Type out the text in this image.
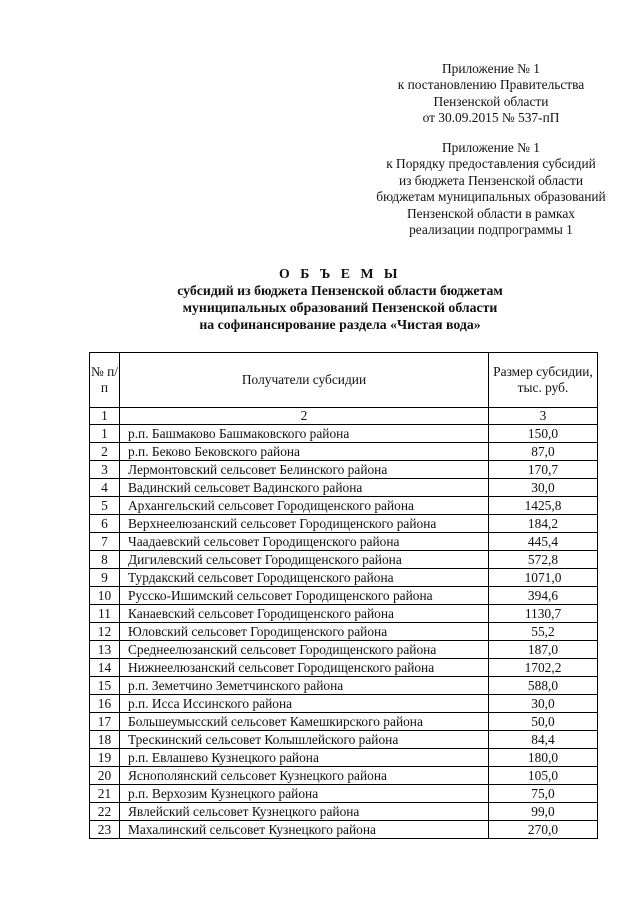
Приложение № 1
к постановлению Правительства
Пензенской области
от 30.09.2015 № 537-пП
Приложение № 1
к Порядку предоставления субсидий
из бюджета Пензенской области
бюджетам муниципальных образований
Пензенской области в рамках
реализации подпрограммы 1
О Б Ъ Е М Ы
субсидий из бюджета Пензенской области бюджетам
муниципальных образований Пензенской области
на софинансирование раздела «Чистая вода»
№ п/п	Получатели субсидии	Размер субсидии, тыс. руб.
1	2	3
1	р.п. Башмаково Башмаковского района	150,0
2	р.п. Беково Бековского района	87,0
3	Лермонтовский сельсовет Белинского района	170,7
4	Вадинский сельсовет Вадинского района	30,0
5	Архангельский сельсовет Городищенского района	1425,8
6	Верхнеелюзанский сельсовет Городищенского района	184,2
7	Чаадаевский сельсовет Городищенского района	445,4
8	Дигилевский сельсовет Городищенского района	572,8
9	Турдакский сельсовет Городищенского района	1071,0
10	Русско-Ишимский сельсовет Городищенского района	394,6
11	Канаевский сельсовет Городищенского района	1130,7
12	Юловский сельсовет Городищенского района	55,2
13	Среднеелюзанский сельсовет Городищенского района	187,0
14	Нижнеелюзанский сельсовет Городищенского района	1702,2
15	р.п. Земетчино Земетчинского района	588,0
16	р.п. Исса Иссинского района	30,0
17	Большеумысский сельсовет Камешкирского района	50,0
18	Трескинский сельсовет Колышлейского района	84,4
19	р.п. Евлашево Кузнецкого района	180,0
20	Яснополянский сельсовет Кузнецкого района	105,0
21	р.п. Верхозим Кузнецкого района	75,0
22	Явлейский сельсовет Кузнецкого района	99,0
23	Махалинский сельсовет Кузнецкого района	270,0
